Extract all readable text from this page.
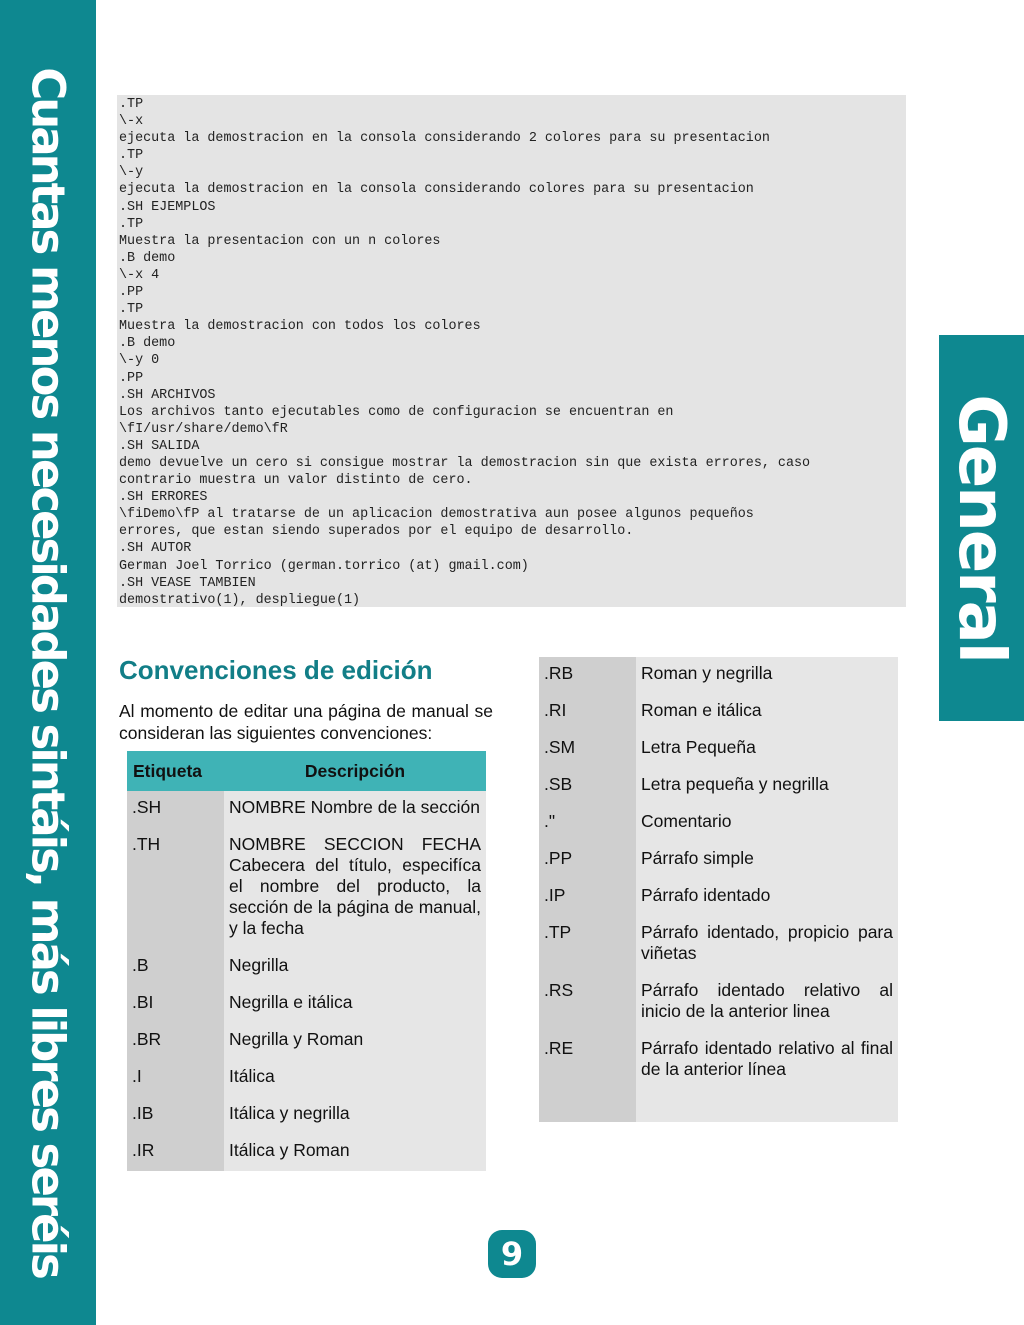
Cuantas menos necesidades sintáis, más libres seréis	General
.TP
\-x
ejecuta la demostracion en la consola considerando 2 colores para su presentacion
.TP
\-y
ejecuta la demostracion en la consola considerando colores para su presentacion
.SH EJEMPLOS
.TP
Muestra la presentacion con un n colores
.B demo
\-x 4
.PP
.TP
Muestra la demostracion con todos los colores
.B demo
\-y 0
.PP
.SH ARCHIVOS
Los archivos tanto ejecutables como de configuracion se encuentran en
\fI/usr/share/demo\fR
.SH SALIDA
demo devuelve un cero si consigue mostrar la demostracion sin que exista errores, caso
contrario muestra un valor distinto de cero.
.SH ERRORES
\fiDemo\fP al tratarse de un aplicacion demostrativa aun posee algunos pequeños
errores, que estan siendo superados por el equipo de desarrollo.
.SH AUTOR
German Joel Torrico (german.torrico (at) gmail.com)
.SH VEASE TAMBIEN
demostrativo(1), despliegue(1)
Convenciones de edición

Al momento de editar una página de manual se consideran las siguientes convenciones:

Etiqueta	Descripción
.SH	NOMBRE Nombre de la sección
.TH	NOMBRE SECCION FECHA Cabecera del título, especifíca el nombre del producto, la sección de la página de manual, y la fecha
.B	Negrilla
.BI	Negrilla e itálica
.BR	Negrilla y Roman
.I	Itálica
.IB	Itálica y negrilla
.IR	Itálica y Roman
.RB	Roman y negrilla
.RI	Roman e itálica
.SM	Letra Pequeña
.SB	Letra pequeña y negrilla
."	Comentario
.PP	Párrafo simple
.IP	Párrafo identado
.TP	Párrafo identado, propicio para viñetas
.RS	Párrafo identado relativo al inicio de la anterior linea
.RE	Párrafo identado relativo al final de la anterior línea
9
